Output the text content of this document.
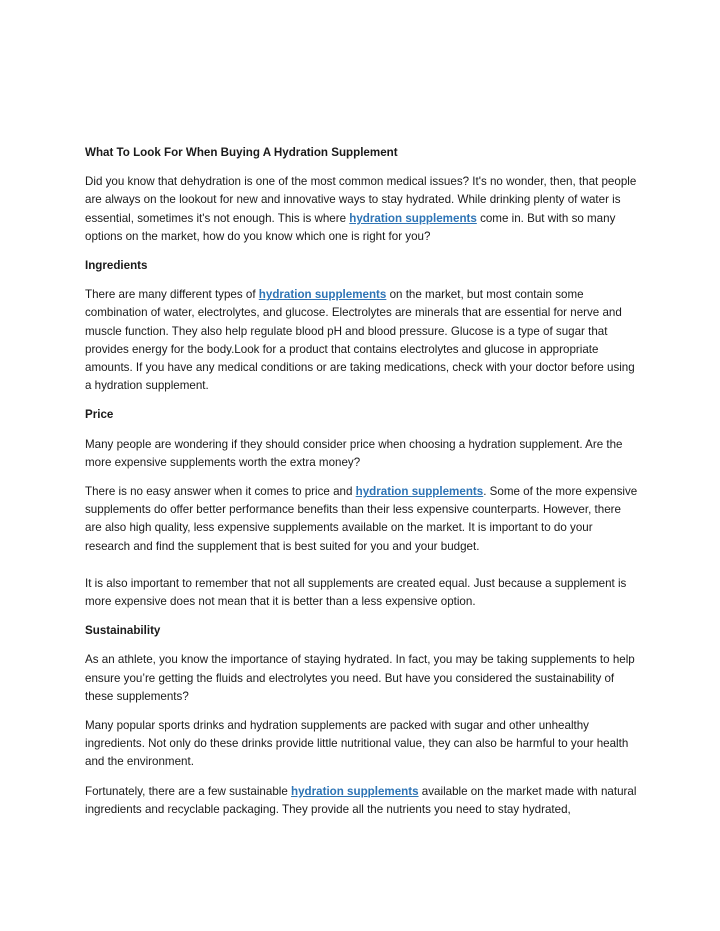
What To Look For When Buying A Hydration Supplement

Did you know that dehydration is one of the most common medical issues? It's no wonder, then, that people are always on the lookout for new and innovative ways to stay hydrated. While drinking plenty of water is essential, sometimes it's not enough. This is where hydration supplements come in. But with so many options on the market, how do you know which one is right for you?

Ingredients

There are many different types of hydration supplements on the market, but most contain some combination of water, electrolytes, and glucose. Electrolytes are minerals that are essential for nerve and muscle function. They also help regulate blood pH and blood pressure. Glucose is a type of sugar that provides energy for the body.Look for a product that contains electrolytes and glucose in appropriate amounts. If you have any medical conditions or are taking medications, check with your doctor before using a hydration supplement.

Price

Many people are wondering if they should consider price when choosing a hydration supplement. Are the more expensive supplements worth the extra money?

There is no easy answer when it comes to price and hydration supplements. Some of the more expensive supplements do offer better performance benefits than their less expensive counterparts. However, there are also high quality, less expensive supplements available on the market. It is important to do your research and find the supplement that is best suited for you and your budget.

It is also important to remember that not all supplements are created equal. Just because a supplement is more expensive does not mean that it is better than a less expensive option.

Sustainability

As an athlete, you know the importance of staying hydrated. In fact, you may be taking supplements to help ensure you’re getting the fluids and electrolytes you need. But have you considered the sustainability of these supplements?

Many popular sports drinks and hydration supplements are packed with sugar and other unhealthy ingredients. Not only do these drinks provide little nutritional value, they can also be harmful to your health and the environment.

Fortunately, there are a few sustainable hydration supplements available on the market made with natural ingredients and recyclable packaging. They provide all the nutrients you need to stay hydrated,
